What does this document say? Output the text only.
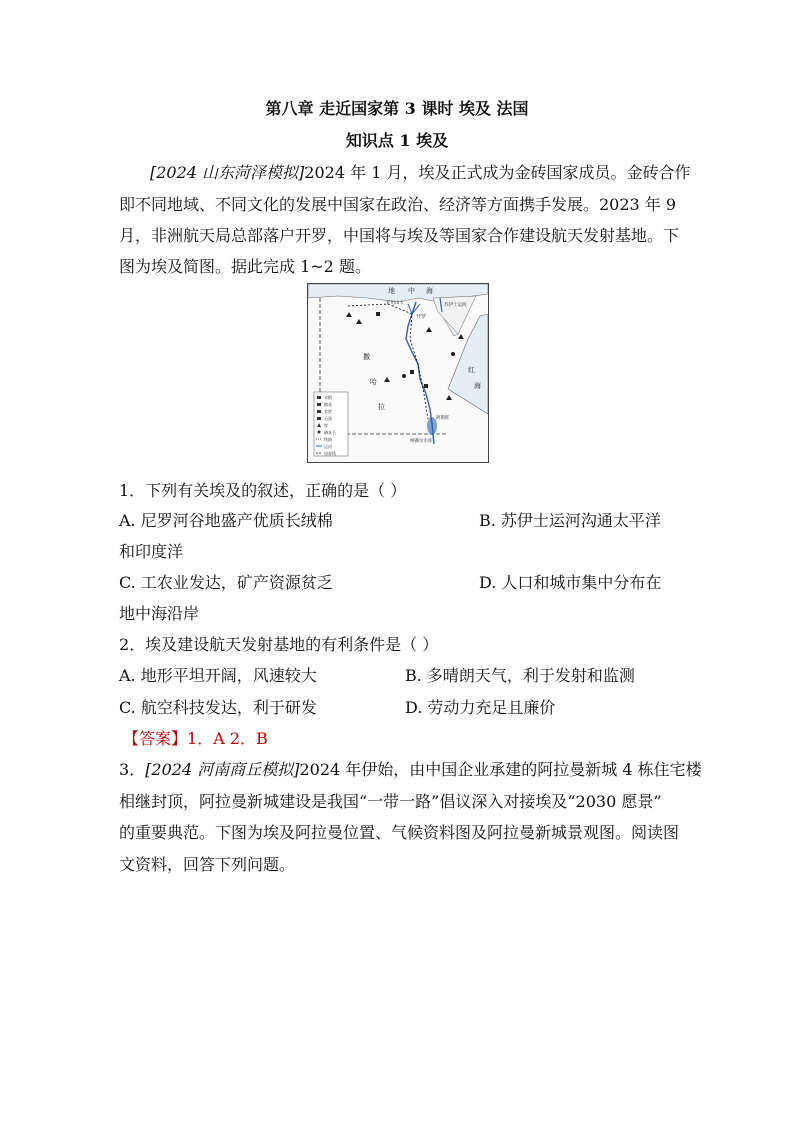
第八章 走近国家第 3 课时 埃及 法国
知识点 1 埃及
[2024 山东菏泽模拟]2024 年 1 月，埃及正式成为金砖国家成员。金砖合作
即不同地域、不同文化的发展中国家在政治、经济等方面携手发展。2023 年 9
月，非洲航天局总部落户开罗，中国将与埃及等国家合作建设航天发射基地。下
图为埃及简图。据此完成 1~2 题。
地 中 海
亚历山大
开罗
苏伊士运河
撒
哈
拉
红
海
阿斯旺
纳赛尔水库
水稻
棉花
甘蔗
石油
铁
磷灰石
铁路
运河
国界线
1．下列有关埃及的叙述，正确的是（ ）
A. 尼罗河谷地盛产优质长绒棉	B. 苏伊士运河沟通太平洋
和印度洋
C. 工农业发达，矿产资源贫乏	D. 人口和城市集中分布在
地中海沿岸
2．埃及建设航天发射基地的有利条件是（ ）
A. 地形平坦开阔，风速较大	B. 多晴朗天气，利于发射和监测
C. 航空科技发达，利于研发	D. 劳动力充足且廉价
【答案】1．A 2．B
3．[2024 河南商丘模拟]2024 年伊始，由中国企业承建的阿拉曼新城 4 栋住宅楼
相继封顶，阿拉曼新城建设是我国“一带一路”倡议深入对接埃及“2030 愿景”
的重要典范。下图为埃及阿拉曼位置、气候资料图及阿拉曼新城景观图。阅读图
文资料，回答下列问题。
